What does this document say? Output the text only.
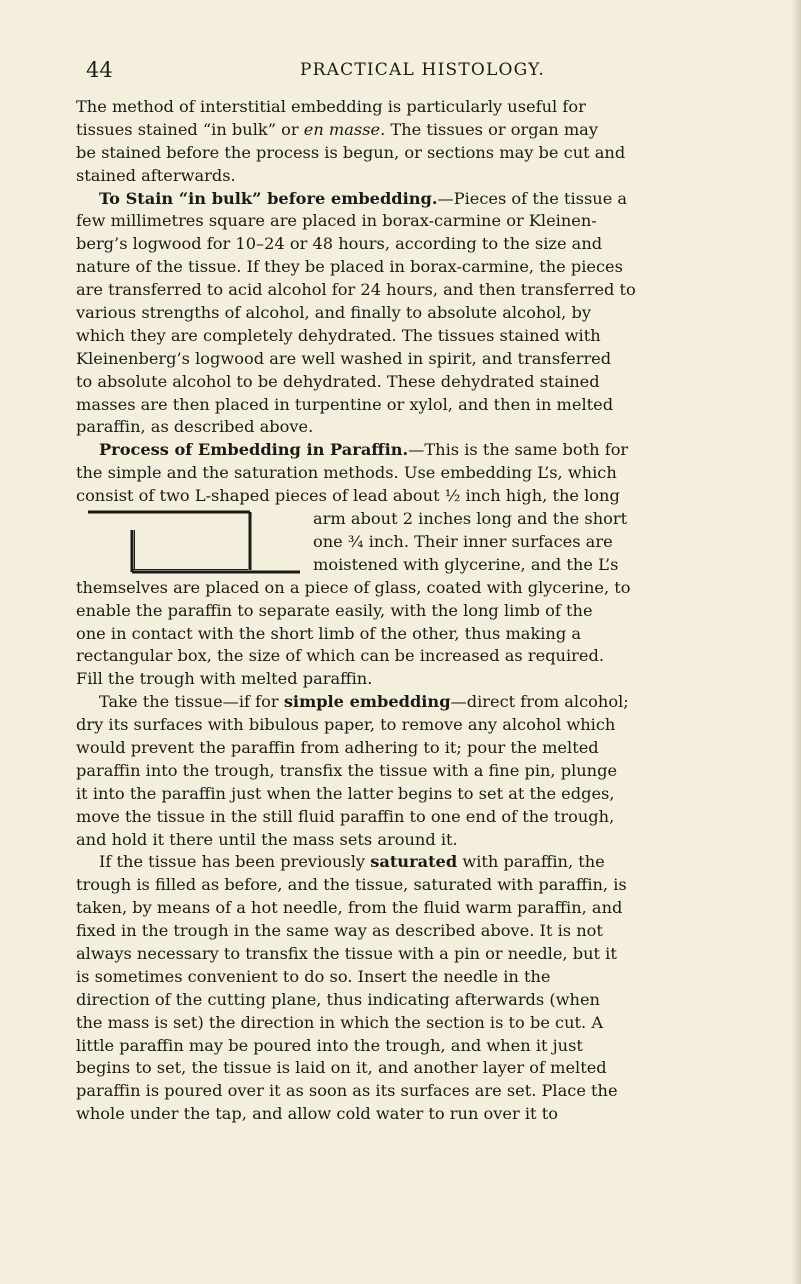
44	PRACTICAL HISTOLOGY.
The method of interstitial embedding is particularly useful for
tissues stained “in bulk” or en masse. The tissues or organ may
be stained before the process is begun, or sections may be cut and
stained afterwards.
To Stain “in bulk” before embedding.—Pieces of the tissue a
few millimetres square are placed in borax-carmine or Kleinen-
berg’s logwood for 10–24 or 48 hours, according to the size and
nature of the tissue. If they be placed in borax-carmine, the pieces
are transferred to acid alcohol for 24 hours, and then transferred to
various strengths of alcohol, and finally to absolute alcohol, by
which they are completely dehydrated. The tissues stained with
Kleinenberg’s logwood are well washed in spirit, and transferred
to absolute alcohol to be dehydrated. These dehydrated stained
masses are then placed in turpentine or xylol, and then in melted
paraffin, as described above.
Process of Embedding in Paraffin.—This is the same both for
the simple and the saturation methods. Use embedding L’s, which
consist of two L-shaped pieces of lead about ½ inch high, the long
arm about 2 inches long and the short
one ¾ inch. Their inner surfaces are
moistened with glycerine, and the L’s
themselves are placed on a piece of glass, coated with glycerine, to
enable the paraffin to separate easily, with the long limb of the
one in contact with the short limb of the other, thus making a
rectangular box, the size of which can be increased as required.
Fill the trough with melted paraffin.
Take the tissue—if for simple embedding—direct from alcohol;
dry its surfaces with bibulous paper, to remove any alcohol which
would prevent the paraffin from adhering to it; pour the melted
paraffin into the trough, transfix the tissue with a fine pin, plunge
it into the paraffin just when the latter begins to set at the edges,
move the tissue in the still fluid paraffin to one end of the trough,
and hold it there until the mass sets around it.
If the tissue has been previously saturated with paraffin, the
trough is filled as before, and the tissue, saturated with paraffin, is
taken, by means of a hot needle, from the fluid warm paraffin, and
fixed in the trough in the same way as described above. It is not
always necessary to transfix the tissue with a pin or needle, but it
is sometimes convenient to do so. Insert the needle in the
direction of the cutting plane, thus indicating afterwards (when
the mass is set) the direction in which the section is to be cut. A
little paraffin may be poured into the trough, and when it just
begins to set, the tissue is laid on it, and another layer of melted
paraffin is poured over it as soon as its surfaces are set. Place the
whole under the tap, and allow cold water to run over it to
